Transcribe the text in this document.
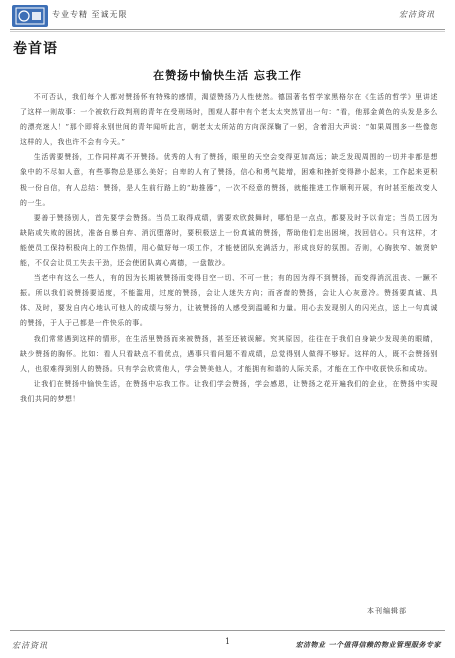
专业专精 至诚无限	宏洁资讯
卷首语
在赞扬中愉快生活 忘我工作

不可否认，我们每个人都对赞扬怀有特殊的感情，渴望赞扬乃人性使然。德国著名哲学家黑格尔在《生活的哲学》里讲述了这样一则故事：一个被软行政判刑的青年在受刑场时，围观人群中有个老太太突然冒出一句：“看，他那金黄色的头发是多么的漂亮迷人！”那个即将永别世间的青年闻听此言，朝老太太所站的方向深深鞠了一躬，含着泪大声说：“如果周围多一些像您这样的人，我也许不会有今天。”

生活需要赞扬，工作同样离不开赞扬。优秀的人有了赞扬，眼里的天空会变得更加高远；缺乏发现周围的一切并非都是想象中的不尽如人意，有些事物总是那么美好；自卑的人有了赞扬，信心和勇气陡增，困难和挫折变得渺小起来，工作起来更积极一份自信，有人总结：赞扬，是人生前行路上的“助推器”，一次不经意的赞扬，就能推进工作顺利开展，有时甚至能改变人的一生。

要善于赞扬别人，首先要学会赞扬。当员工取得成绩，需要欢欣鼓舞时，哪怕是一点点，都要及时予以肯定；当员工因为缺陷或失败的困扰，准备自暴自弃、消沉堕落时，要积极送上一份真诚的赞扬，帮助他们走出困境，找回信心。只有这样，才能使员工保持积极向上的工作热情，用心做好每一项工作，才能使团队充满活力，形成良好的氛围。否则，心胸狭窄、嫉贤妒能，不仅会让员工失去干劲，还会使团队离心离德，一盘散沙。

当老中有这么一些人，有的因为长期被赞扬而变得目空一切、不可一世；有的因为得不到赞扬，而变得消沉沮丧、一蹶不振。所以我们说赞扬要适度，不能滥用，过度的赞扬，会让人迷失方向；而吝啬的赞扬，会让人心灰意冷。赞扬要真诚、具体、及时，要发自内心地认可他人的成绩与努力，让被赞扬的人感受到温暖和力量。用心去发现别人的闪光点，送上一句真诚的赞扬，于人于己都是一件快乐的事。

我们常常遇到这样的情形，在生活里赞扬而来被赞扬，甚至还被误解。究其原因，往往在于我们自身缺少发现美的眼睛，缺少赞扬的胸怀。比如：看人只看缺点不看优点，遇事只看问题不看成绩，总觉得别人做得不够好。这样的人，既不会赞扬别人，也很难得到别人的赞扬。只有学会欣赏他人，学会赞美他人，才能拥有和谐的人际关系，才能在工作中收获快乐和成功。

让我们在赞扬中愉快生活，在赞扬中忘我工作。让我们学会赞扬，学会感恩，让赞扬之花开遍我们的企业，在赞扬中实现我们共同的梦想！

本刊编辑部
宏洁资讯	1	宏洁物业 一个值得信赖的物业管理服务专家
